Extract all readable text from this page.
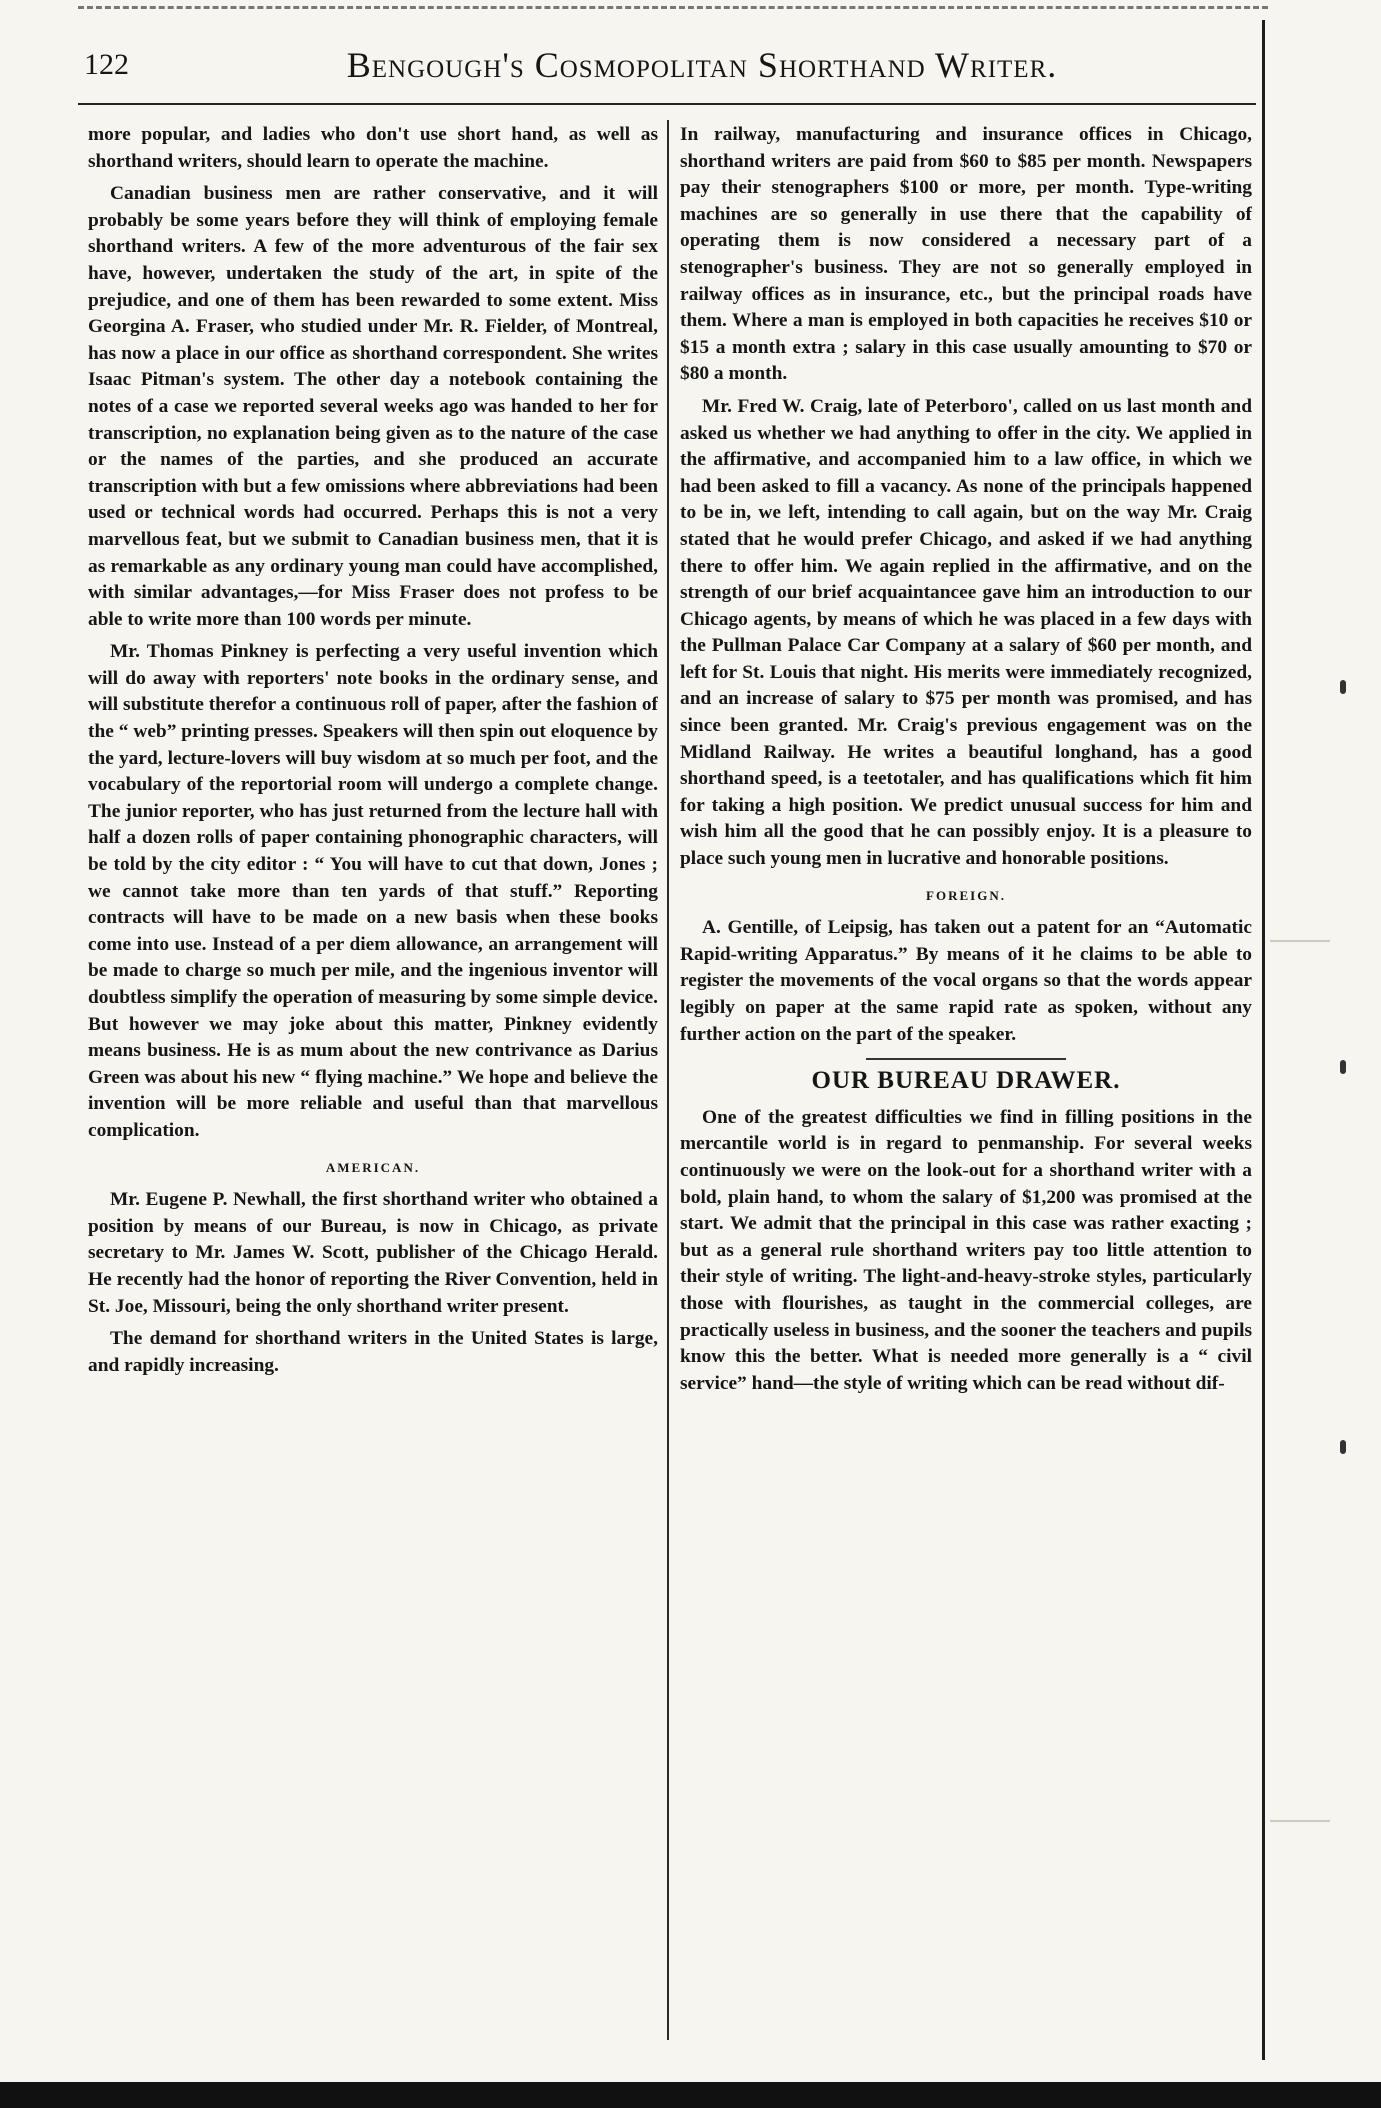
122	Bengough's Cosmopolitan Shorthand Writer.

more popular, and ladies who don't use short hand, as well as shorthand writers, should learn to operate the machine.

Canadian business men are rather conservative, and it will probably be some years before they will think of employing female shorthand writers. A few of the more adventurous of the fair sex have, however, undertaken the study of the art, in spite of the prejudice, and one of them has been rewarded to some extent. Miss Georgina A. Fraser, who studied under Mr. R. Fielder, of Montreal, has now a place in our office as shorthand correspondent. She writes Isaac Pitman's system. The other day a notebook containing the notes of a case we reported several weeks ago was handed to her for transcription, no explanation being given as to the nature of the case or the names of the parties, and she produced an accurate transcription with but a few omissions where abbreviations had been used or technical words had occurred. Perhaps this is not a very marvellous feat, but we submit to Canadian business men, that it is as remarkable as any ordinary young man could have accomplished, with similar advantages,—for Miss Fraser does not profess to be able to write more than 100 words per minute.

Mr. Thomas Pinkney is perfecting a very useful invention which will do away with reporters' note books in the ordinary sense, and will substitute therefor a continuous roll of paper, after the fashion of the “ web” printing presses. Speakers will then spin out eloquence by the yard, lecture-lovers will buy wisdom at so much per foot, and the vocabulary of the reportorial room will undergo a complete change. The junior reporter, who has just returned from the lecture hall with half a dozen rolls of paper containing phonographic characters, will be told by the city editor : “ You will have to cut that down, Jones ; we cannot take more than ten yards of that stuff.” Reporting contracts will have to be made on a new basis when these books come into use. Instead of a per diem allowance, an arrangement will be made to charge so much per mile, and the ingenious inventor will doubtless simplify the operation of measuring by some simple device. But however we may joke about this matter, Pinkney evidently means business. He is as mum about the new contrivance as Darius Green was about his new “ flying machine.” We hope and believe the invention will be more reliable and useful than that marvellous complication.

AMERICAN.

Mr. Eugene P. Newhall, the first shorthand writer who obtained a position by means of our Bureau, is now in Chicago, as private secretary to Mr. James W. Scott, publisher of the Chicago Herald. He recently had the honor of reporting the River Convention, held in St. Joe, Missouri, being the only shorthand writer present.

The demand for shorthand writers in the United States is large, and rapidly increasing.

In railway, manufacturing and insurance offices in Chicago, shorthand writers are paid from $60 to $85 per month. Newspapers pay their stenographers $100 or more, per month. Type-writing machines are so generally in use there that the capability of operating them is now considered a necessary part of a stenographer's business. They are not so generally employed in railway offices as in insurance, etc., but the principal roads have them. Where a man is employed in both capacities he receives $10 or $15 a month extra ; salary in this case usually amounting to $70 or $80 a month.

Mr. Fred W. Craig, late of Peterboro', called on us last month and asked us whether we had anything to offer in the city. We applied in the affirmative, and accompanied him to a law office, in which we had been asked to fill a vacancy. As none of the principals happened to be in, we left, intending to call again, but on the way Mr. Craig stated that he would prefer Chicago, and asked if we had anything there to offer him. We again replied in the affirmative, and on the strength of our brief acquaintancee gave him an introduction to our Chicago agents, by means of which he was placed in a few days with the Pullman Palace Car Company at a salary of $60 per month, and left for St. Louis that night. His merits were immediately recognized, and an increase of salary to $75 per month was promised, and has since been granted. Mr. Craig's previous engagement was on the Midland Railway. He writes a beautiful longhand, has a good shorthand speed, is a teetotaler, and has qualifications which fit him for taking a high position. We predict unusual success for him and wish him all the good that he can possibly enjoy. It is a pleasure to place such young men in lucrative and honorable positions.

FOREIGN.

A. Gentille, of Leipsig, has taken out a patent for an “Automatic Rapid-writing Apparatus.” By means of it he claims to be able to register the movements of the vocal organs so that the words appear legibly on paper at the same rapid rate as spoken, without any further action on the part of the speaker.

OUR BUREAU DRAWER.

One of the greatest difficulties we find in filling positions in the mercantile world is in regard to penmanship. For several weeks continuously we were on the look-out for a shorthand writer with a bold, plain hand, to whom the salary of $1,200 was promised at the start. We admit that the principal in this case was rather exacting ; but as a general rule shorthand writers pay too little attention to their style of writing. The light-and-heavy-stroke styles, particularly those with flourishes, as taught in the commercial colleges, are practically useless in business, and the sooner the teachers and pupils know this the better. What is needed more generally is a “ civil service” hand—the style of writing which can be read without dif-
